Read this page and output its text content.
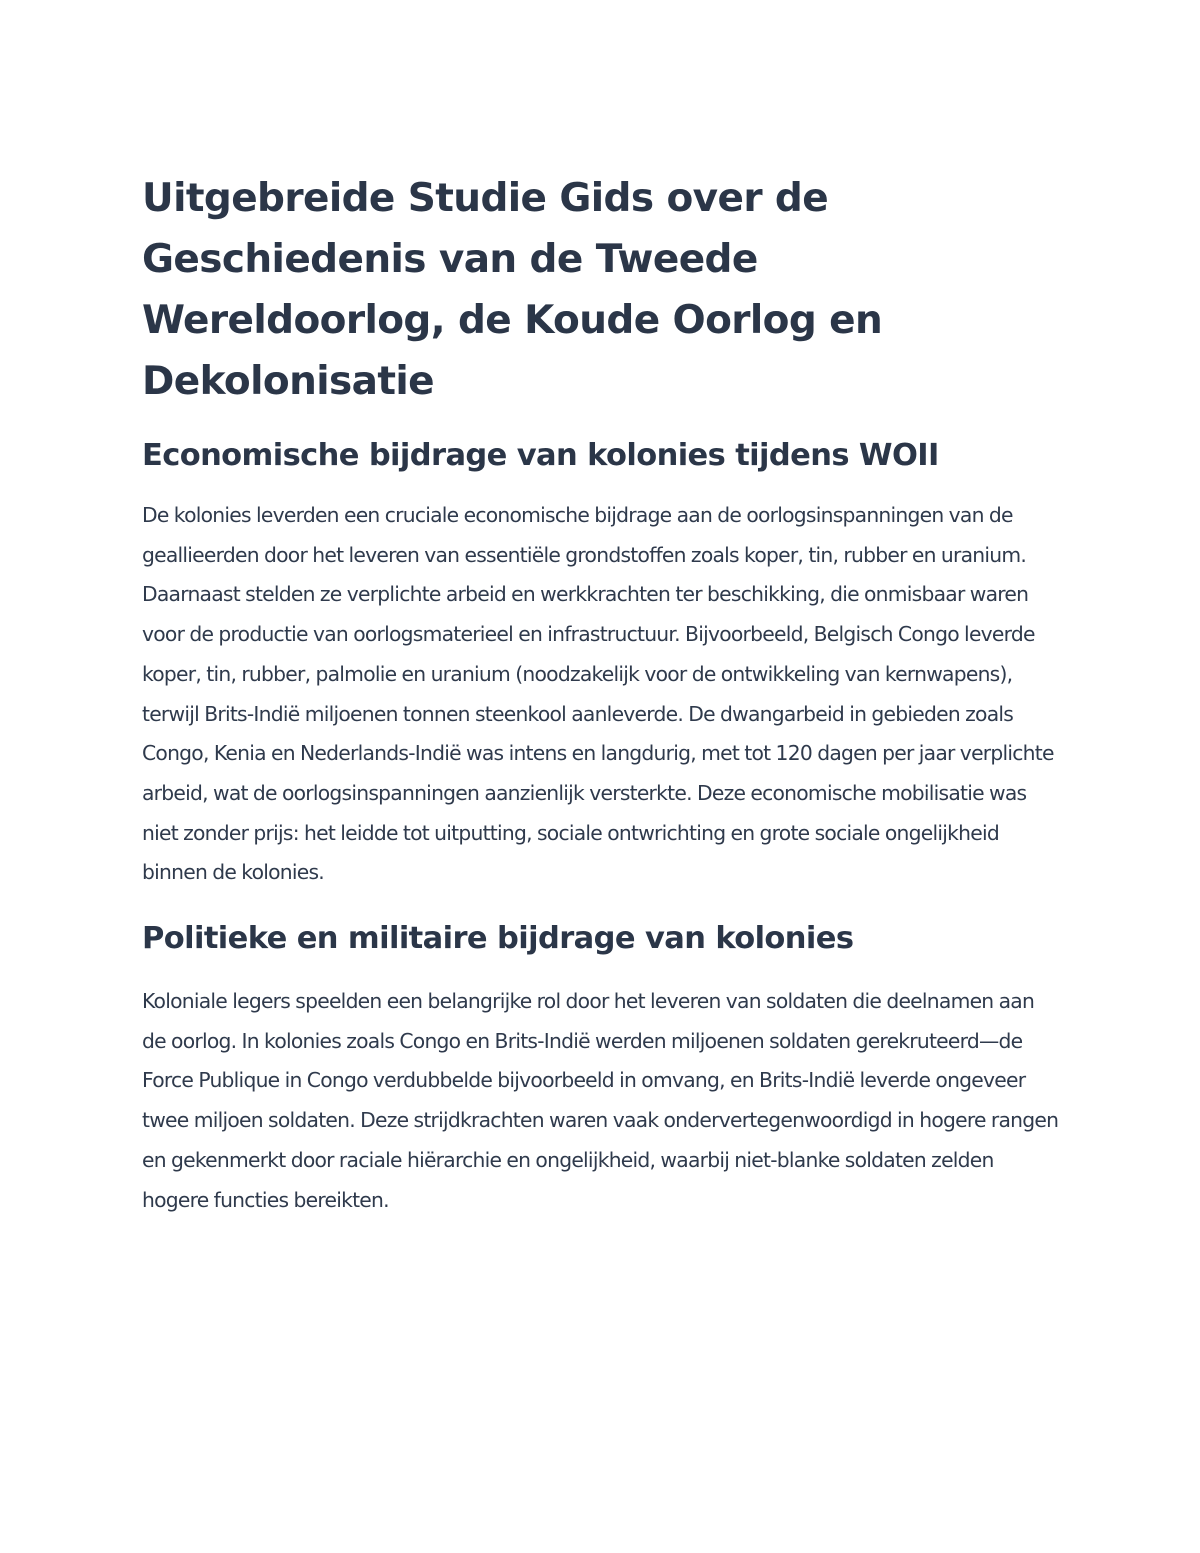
Uitgebreide Studie Gids over de Geschiedenis van de Tweede Wereldoorlog, de Koude Oorlog en Dekolonisatie
Economische bijdrage van kolonies tijdens WOII

De kolonies leverden een cruciale economische bijdrage aan de oorlogsinspanningen van de geallieerden door het leveren van essentiële grondstoffen zoals koper, tin, rubber en uranium. Daarnaast stelden ze verplichte arbeid en werkkrachten ter beschikking, die onmisbaar waren voor de productie van oorlogsmaterieel en infrastructuur. Bijvoorbeeld, Belgisch Congo leverde koper, tin, rubber, palmolie en uranium (noodzakelijk voor de ontwikkeling van kernwapens), terwijl Brits-Indië miljoenen tonnen steenkool aanleverde. De dwangarbeid in gebieden zoals Congo, Kenia en Nederlands-Indië was intens en langdurig, met tot 120 dagen per jaar verplichte arbeid, wat de oorlogsinspanningen aanzienlijk versterkte. Deze economische mobilisatie was niet zonder prijs: het leidde tot uitputting, sociale ontwrichting en grote sociale ongelijkheid binnen de kolonies.

Politieke en militaire bijdrage van kolonies

Koloniale legers speelden een belangrijke rol door het leveren van soldaten die deelnamen aan de oorlog. In kolonies zoals Congo en Brits-Indië werden miljoenen soldaten gerekruteerd—de Force Publique in Congo verdubbelde bijvoorbeeld in omvang, en Brits-Indië leverde ongeveer twee miljoen soldaten. Deze strijdkrachten waren vaak ondervertegenwoordigd in hogere rangen en gekenmerkt door raciale hiërarchie en ongelijkheid, waarbij niet-blanke soldaten zelden hogere functies bereikten.
